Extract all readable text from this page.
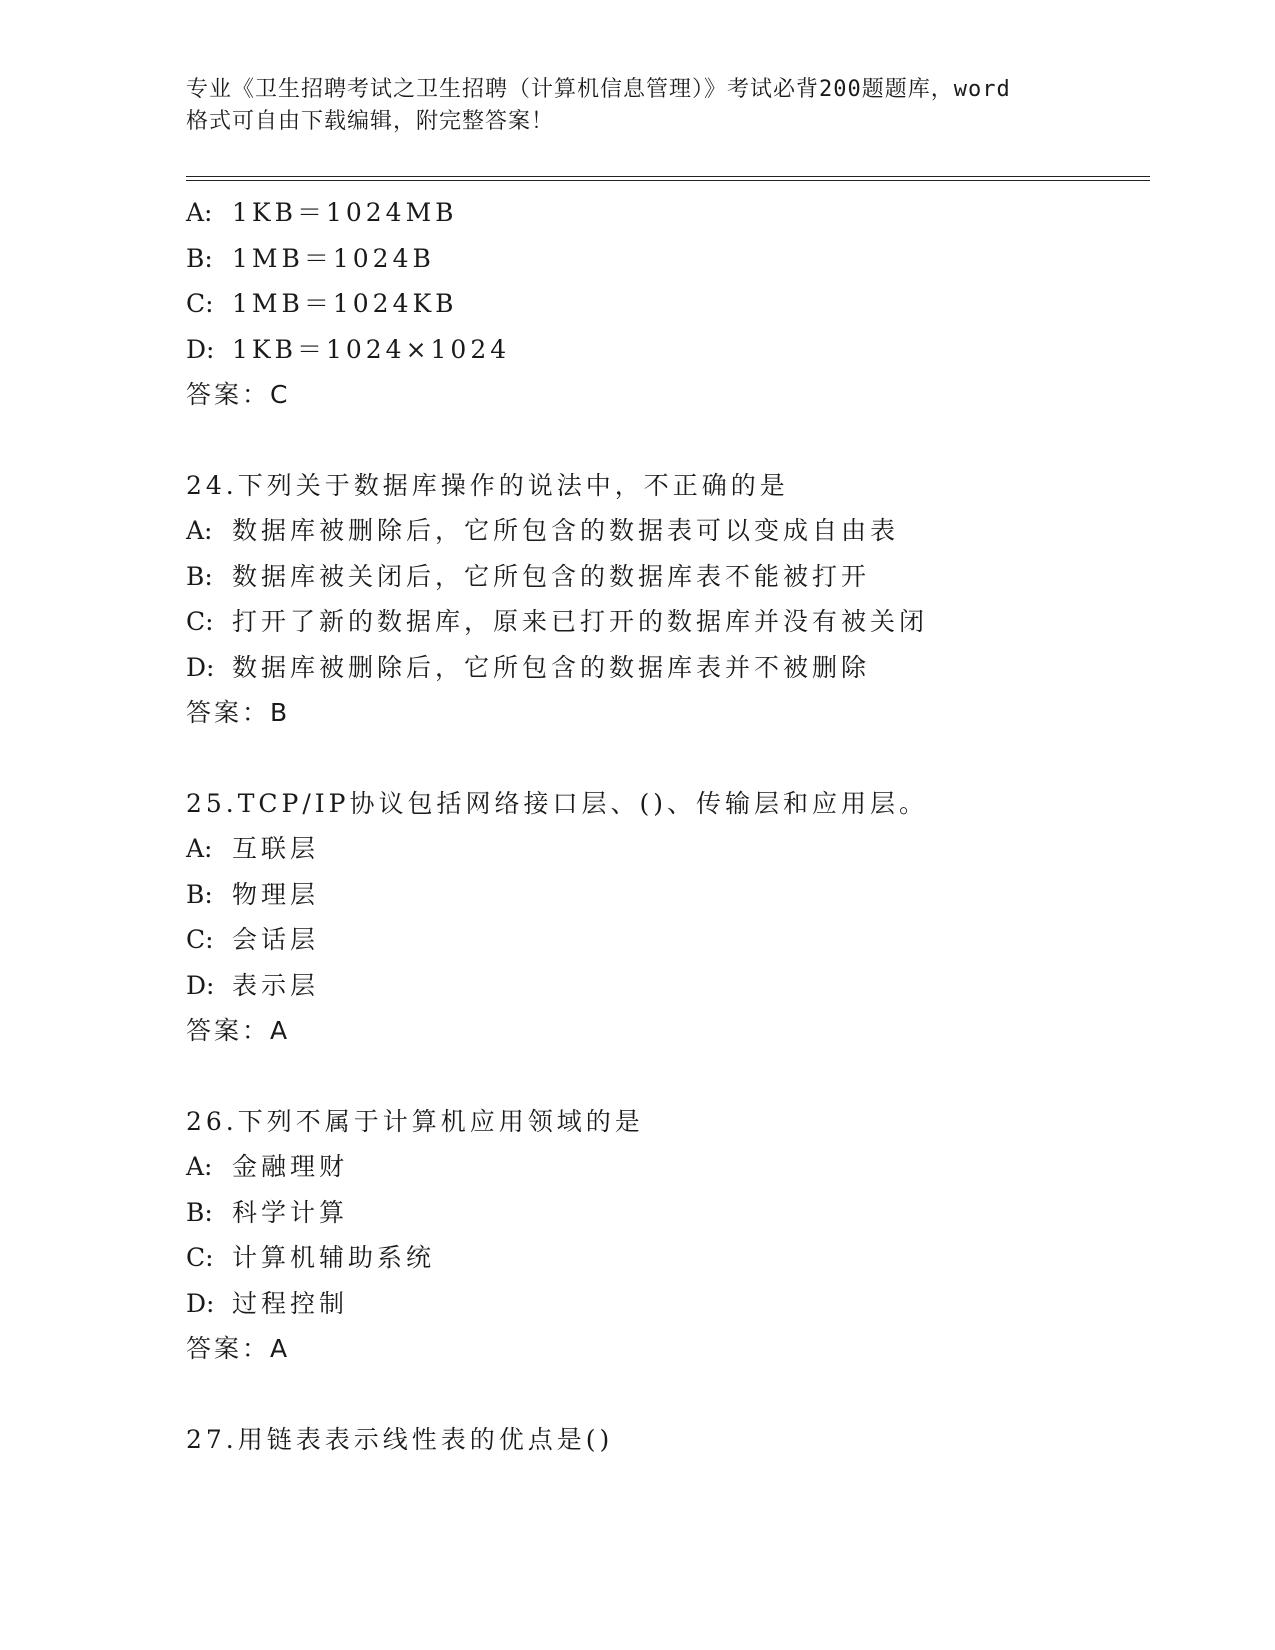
专业《卫生招聘考试之卫生招聘（计算机信息管理）》考试必背200题题库，word
格式可自由下载编辑，附完整答案！
A: 1KB＝1024MB
B: 1MB＝1024B
C: 1MB＝1024KB
D: 1KB＝1024×1024
答案：C
24.下列关于数据库操作的说法中，不正确的是
A: 数据库被删除后，它所包含的数据表可以变成自由表
B: 数据库被关闭后，它所包含的数据库表不能被打开
C: 打开了新的数据库，原来已打开的数据库并没有被关闭
D: 数据库被删除后，它所包含的数据库表并不被删除
答案：B
25.TCP/IP协议包括网络接口层、()、传输层和应用层。
A: 互联层
B: 物理层
C: 会话层
D: 表示层
答案：A
26.下列不属于计算机应用领域的是
A: 金融理财
B: 科学计算
C: 计算机辅助系统
D: 过程控制
答案：A
27.用链表表示线性表的优点是()
